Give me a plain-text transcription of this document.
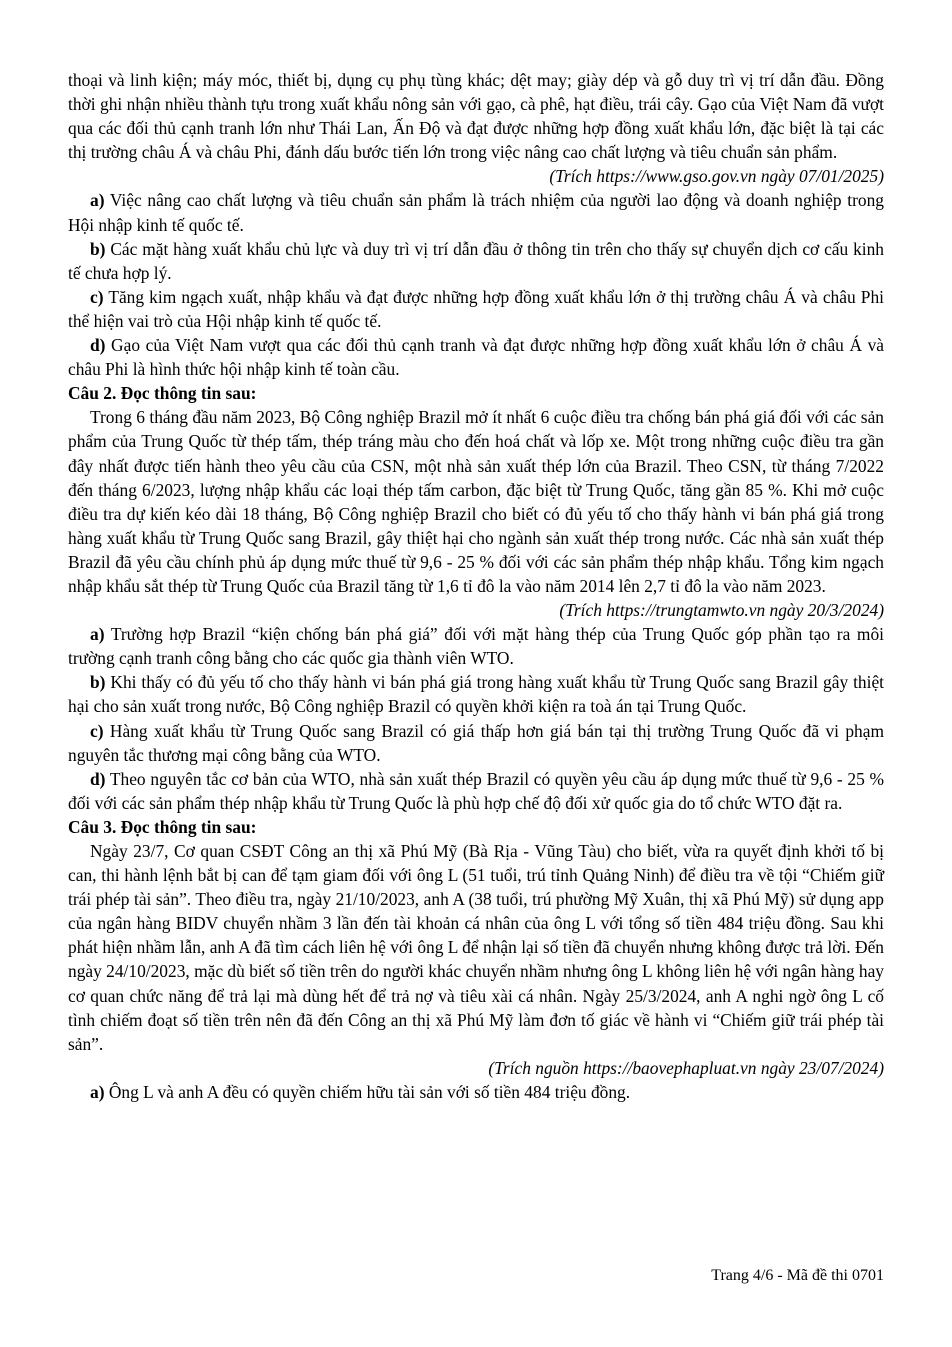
thoại và linh kiện; máy móc, thiết bị, dụng cụ phụ tùng khác; dệt may; giày dép và gỗ duy trì vị trí dẫn đầu. Đồng thời ghi nhận nhiều thành tựu trong xuất khẩu nông sản với gạo, cà phê, hạt điều, trái cây. Gạo của Việt Nam đã vượt qua các đối thủ cạnh tranh lớn như Thái Lan, Ấn Độ và đạt được những hợp đồng xuất khẩu lớn, đặc biệt là tại các thị trường châu Á và châu Phi, đánh dấu bước tiến lớn trong việc nâng cao chất lượng và tiêu chuẩn sản phẩm.

(Trích https://www.gso.gov.vn ngày 07/01/2025)

a) Việc nâng cao chất lượng và tiêu chuẩn sản phẩm là trách nhiệm của người lao động và doanh nghiệp trong Hội nhập kinh tế quốc tế.

b) Các mặt hàng xuất khẩu chủ lực và duy trì vị trí dẫn đầu ở thông tin trên cho thấy sự chuyển dịch cơ cấu kinh tế chưa hợp lý.

c) Tăng kim ngạch xuất, nhập khẩu và đạt được những hợp đồng xuất khẩu lớn ở thị trường châu Á và châu Phi thể hiện vai trò của Hội nhập kinh tế quốc tế.

d) Gạo của Việt Nam vượt qua các đối thủ cạnh tranh và đạt được những hợp đồng xuất khẩu lớn ở châu Á và châu Phi là hình thức hội nhập kinh tế toàn cầu.

Câu 2. Đọc thông tin sau:

Trong 6 tháng đầu năm 2023, Bộ Công nghiệp Brazil mở ít nhất 6 cuộc điều tra chống bán phá giá đối với các sản phẩm của Trung Quốc từ thép tấm, thép tráng màu cho đến hoá chất và lốp xe. Một trong những cuộc điều tra gần đây nhất được tiến hành theo yêu cầu của CSN, một nhà sản xuất thép lớn của Brazil. Theo CSN, từ tháng 7/2022 đến tháng 6/2023, lượng nhập khẩu các loại thép tấm carbon, đặc biệt từ Trung Quốc, tăng gần 85 %. Khi mở cuộc điều tra dự kiến kéo dài 18 tháng, Bộ Công nghiệp Brazil cho biết có đủ yếu tố cho thấy hành vi bán phá giá trong hàng xuất khẩu từ Trung Quốc sang Brazil, gây thiệt hại cho ngành sản xuất thép trong nước. Các nhà sản xuất thép Brazil đã yêu cầu chính phủ áp dụng mức thuế từ 9,6 - 25 % đối với các sản phẩm thép nhập khẩu. Tổng kim ngạch nhập khẩu sắt thép từ Trung Quốc của Brazil tăng từ 1,6 tỉ đô la vào năm 2014 lên 2,7 tỉ đô la vào năm 2023.

(Trích https://trungtamwto.vn ngày 20/3/2024)

a) Trường hợp Brazil “kiện chống bán phá giá” đối với mặt hàng thép của Trung Quốc góp phần tạo ra môi trường cạnh tranh công bằng cho các quốc gia thành viên WTO.

b) Khi thấy có đủ yếu tố cho thấy hành vi bán phá giá trong hàng xuất khẩu từ Trung Quốc sang Brazil gây thiệt hại cho sản xuất trong nước, Bộ Công nghiệp Brazil có quyền khởi kiện ra toà án tại Trung Quốc.

c) Hàng xuất khẩu từ Trung Quốc sang Brazil có giá thấp hơn giá bán tại thị trường Trung Quốc đã vi phạm nguyên tắc thương mại công bằng của WTO.

d) Theo nguyên tắc cơ bản của WTO, nhà sản xuất thép Brazil có quyền yêu cầu áp dụng mức thuế từ 9,6 - 25 % đối với các sản phẩm thép nhập khẩu từ Trung Quốc là phù hợp chế độ đối xử quốc gia do tổ chức WTO đặt ra.

Câu 3. Đọc thông tin sau:

Ngày 23/7, Cơ quan CSĐT Công an thị xã Phú Mỹ (Bà Rịa - Vũng Tàu) cho biết, vừa ra quyết định khởi tố bị can, thi hành lệnh bắt bị can để tạm giam đối với ông L (51 tuổi, trú tỉnh Quảng Ninh) để điều tra về tội “Chiếm giữ trái phép tài sản”. Theo điều tra, ngày 21/10/2023, anh A (38 tuổi, trú phường Mỹ Xuân, thị xã Phú Mỹ) sử dụng app của ngân hàng BIDV chuyển nhầm 3 lần đến tài khoản cá nhân của ông L với tổng số tiền 484 triệu đồng. Sau khi phát hiện nhầm lẫn, anh A đã tìm cách liên hệ với ông L để nhận lại số tiền đã chuyển nhưng không được trả lời. Đến ngày 24/10/2023, mặc dù biết số tiền trên do người khác chuyển nhầm nhưng ông L không liên hệ với ngân hàng hay cơ quan chức năng để trả lại mà dùng hết để trả nợ và tiêu xài cá nhân. Ngày 25/3/2024, anh A nghi ngờ ông L cố tình chiếm đoạt số tiền trên nên đã đến Công an thị xã Phú Mỹ làm đơn tố giác về hành vi “Chiếm giữ trái phép tài sản”.

(Trích nguồn https://baovephapluat.vn ngày 23/07/2024)

a) Ông L và anh A đều có quyền chiếm hữu tài sản với số tiền 484 triệu đồng.

Trang 4/6 - Mã đề thi 0701
